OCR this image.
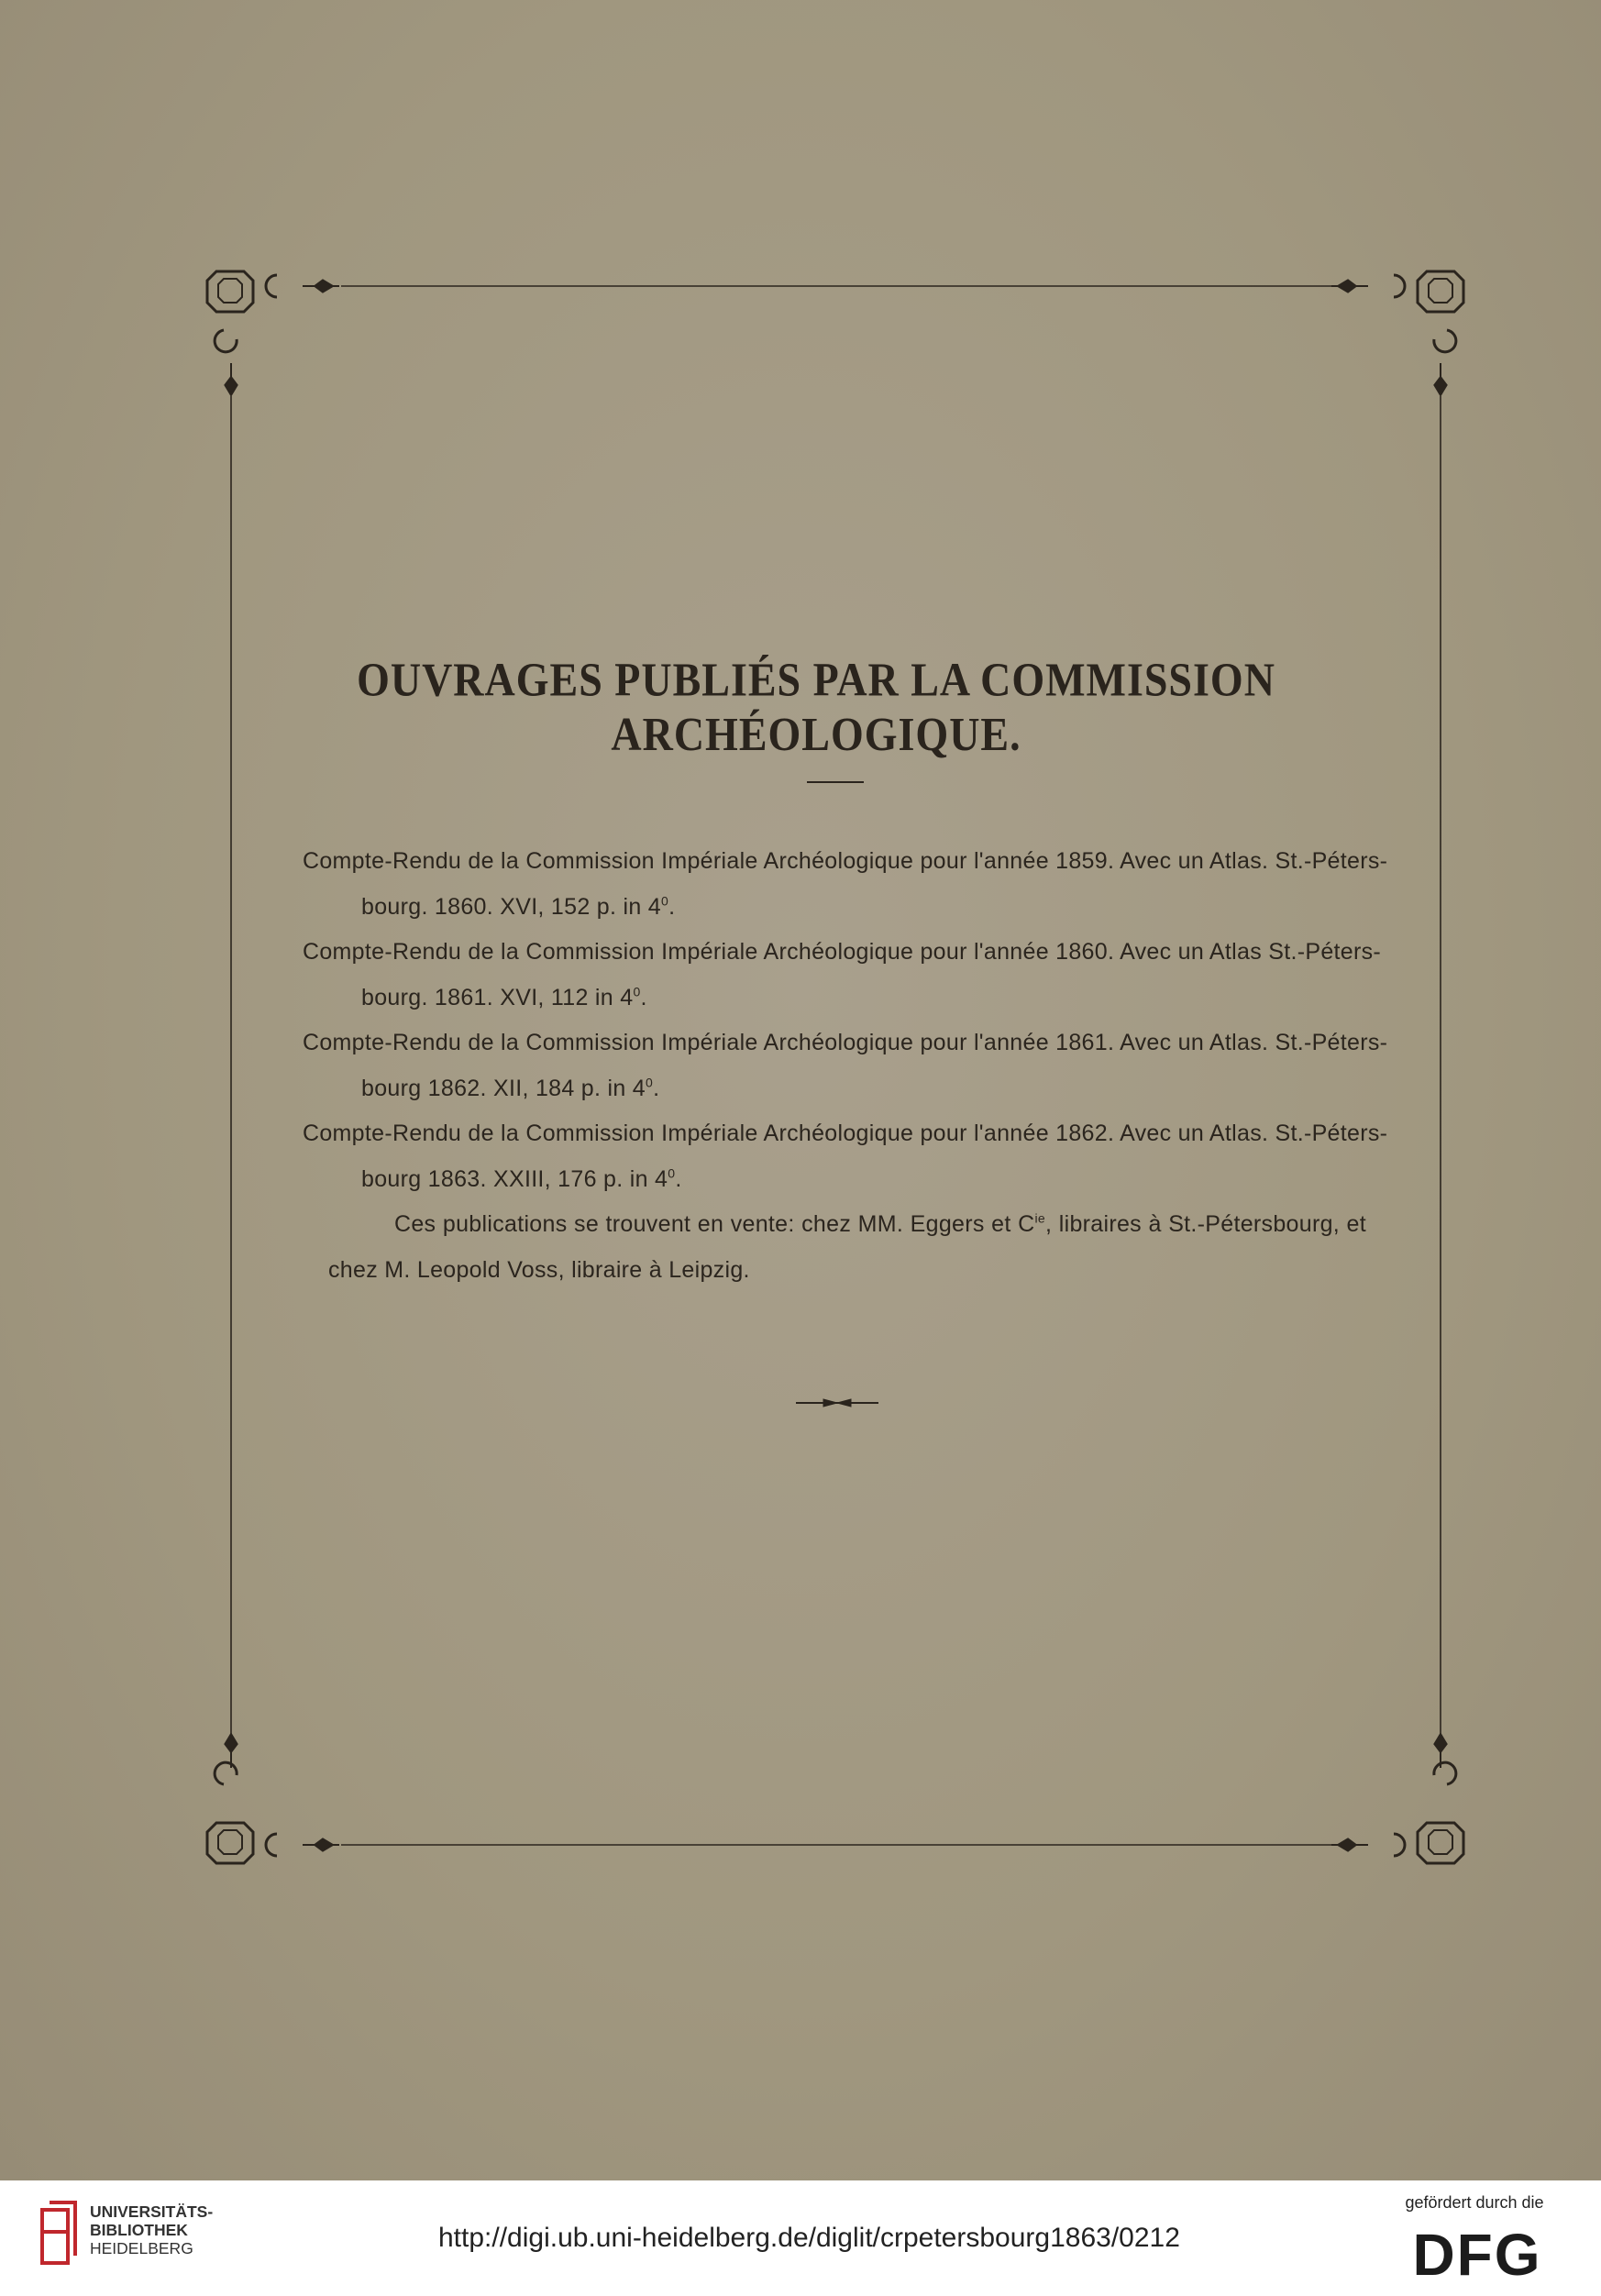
OUVRAGES PUBLIÉS PAR LA COMMISSION ARCHÉOLOGIQUE.
Compte-Rendu de la Commission Impériale Archéologique pour l'année 1859. Avec un Atlas. St.-Péters-
bourg. 1860. XVI, 152 p. in $4^0$.
Compte-Rendu de la Commission Impériale Archéologique pour l'année 1860. Avec un Atlas St.-Péters-
bourg. 1861. XVI, 112 in $4^0$.
Compte-Rendu de la Commission Impériale Archéologique pour l'année 1861. Avec un Atlas. St.-Péters-
bourg 1862. XII, 184 p. in $4^0$.
Compte-Rendu de la Commission Impériale Archéologique pour l'année 1862. Avec un Atlas. St.-Péters-
bourg 1863. XXIII, 176 p. in $4^0$.
Ces publications se trouvent en vente: chez MM. Eggers et $C^{ie}$, libraires à St.-Pétersbourg, et
chez M. Leopold Voss, libraire à Leipzig.
UNIVERSITÄTS-
BIBLIOTHEK
HEIDELBERG	http://digi.ub.uni-heidelberg.de/diglit/crpetersbourg1863/0212
gefördert durch die
DFG
